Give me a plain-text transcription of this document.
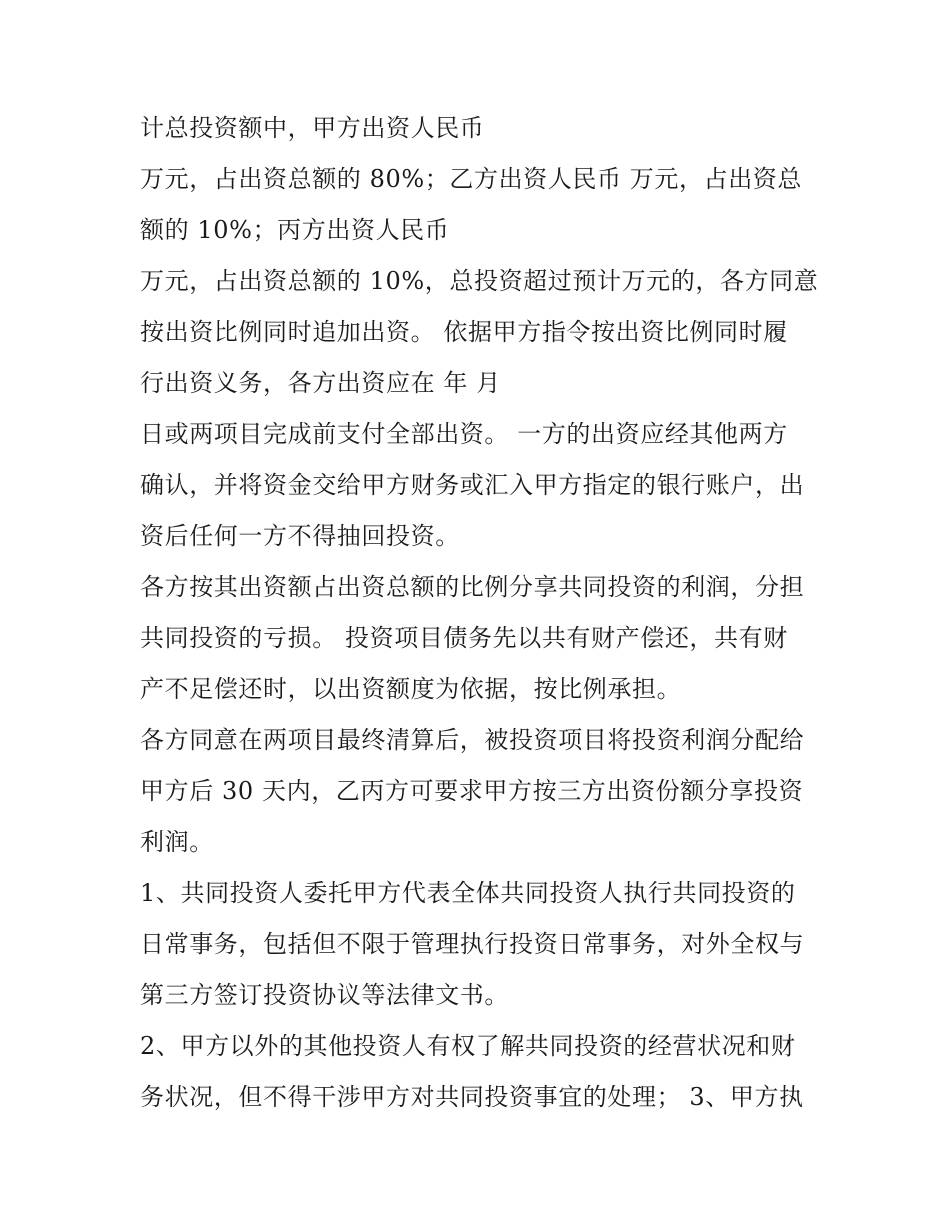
计总投资额中，甲方出资人民币
万元，占出资总额的 80%；乙方出资人民币 万元，占出资总
额的 10%；丙方出资人民币
万元，占出资总额的 10%，总投资超过预计万元的，各方同意
按出资比例同时追加出资。 依据甲方指令按出资比例同时履
行出资义务，各方出资应在 年 月
日或两项目完成前支付全部出资。 一方的出资应经其他两方
确认，并将资金交给甲方财务或汇入甲方指定的银行账户，出
资后任何一方不得抽回投资。
各方按其出资额占出资总额的比例分享共同投资的利润，分担
共同投资的亏损。 投资项目债务先以共有财产偿还，共有财
产不足偿还时，以出资额度为依据，按比例承担。
各方同意在两项目最终清算后，被投资项目将投资利润分配给
甲方后 30 天内，乙丙方可要求甲方按三方出资份额分享投资
利润。
1、共同投资人委托甲方代表全体共同投资人执行共同投资的
日常事务，包括但不限于管理执行投资日常事务，对外全权与
第三方签订投资协议等法律文书。
2、甲方以外的其他投资人有权了解共同投资的经营状况和财
务状况，但不得干涉甲方对共同投资事宜的处理； 3、甲方执
